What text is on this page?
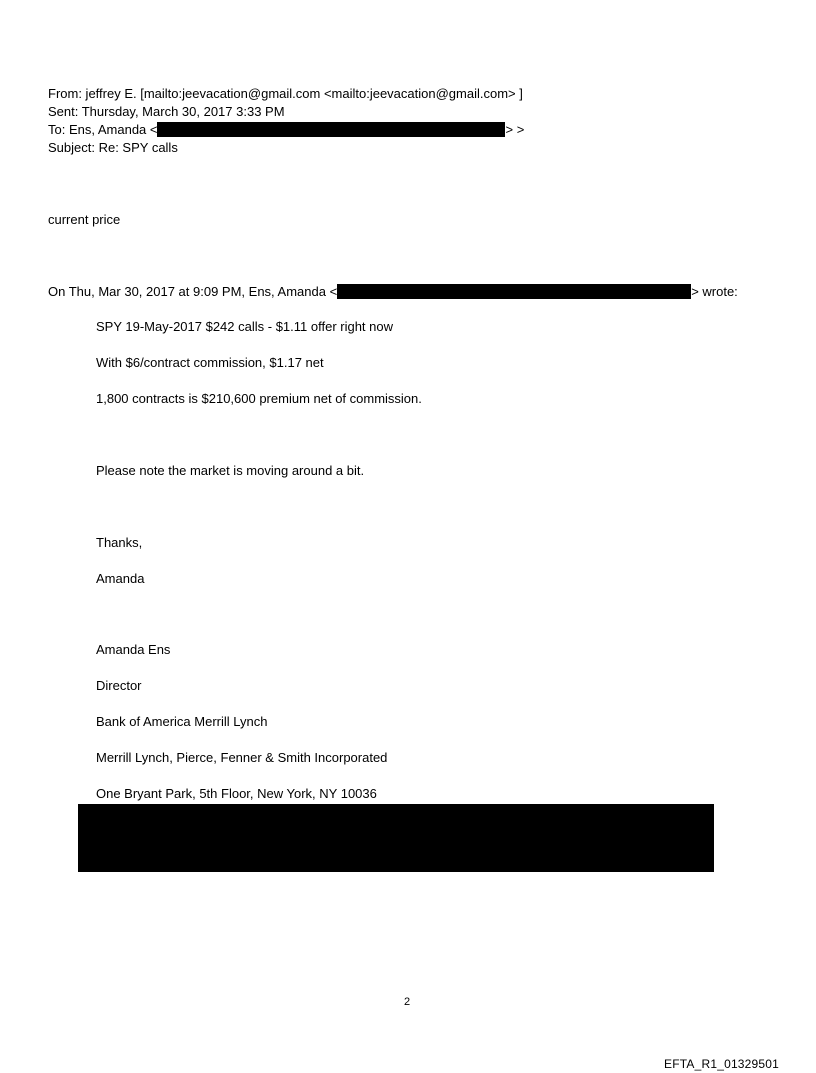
From: jeffrey E. [mailto:jeevacation@gmail.com <mailto:jeevacation@gmail.com> ]
Sent: Thursday, March 30, 2017 3:33 PM
To: Ens, Amanda <	> >
Subject: Re: SPY calls
current price
On Thu, Mar 30, 2017 at 9:09 PM, Ens, Amanda <	> wrote:
SPY 19-May-2017 $242 calls - $1.11 offer right now
With $6/contract commission, $1.17 net
1,800 contracts is $210,600 premium net of commission.
Please note the market is moving around a bit.
Thanks,
Amanda
Amanda Ens
Director
Bank of America Merrill Lynch
Merrill Lynch, Pierce, Fenner & Smith Incorporated
One Bryant Park, 5th Floor, New York, NY 10036
2
EFTA_R1_01329501
